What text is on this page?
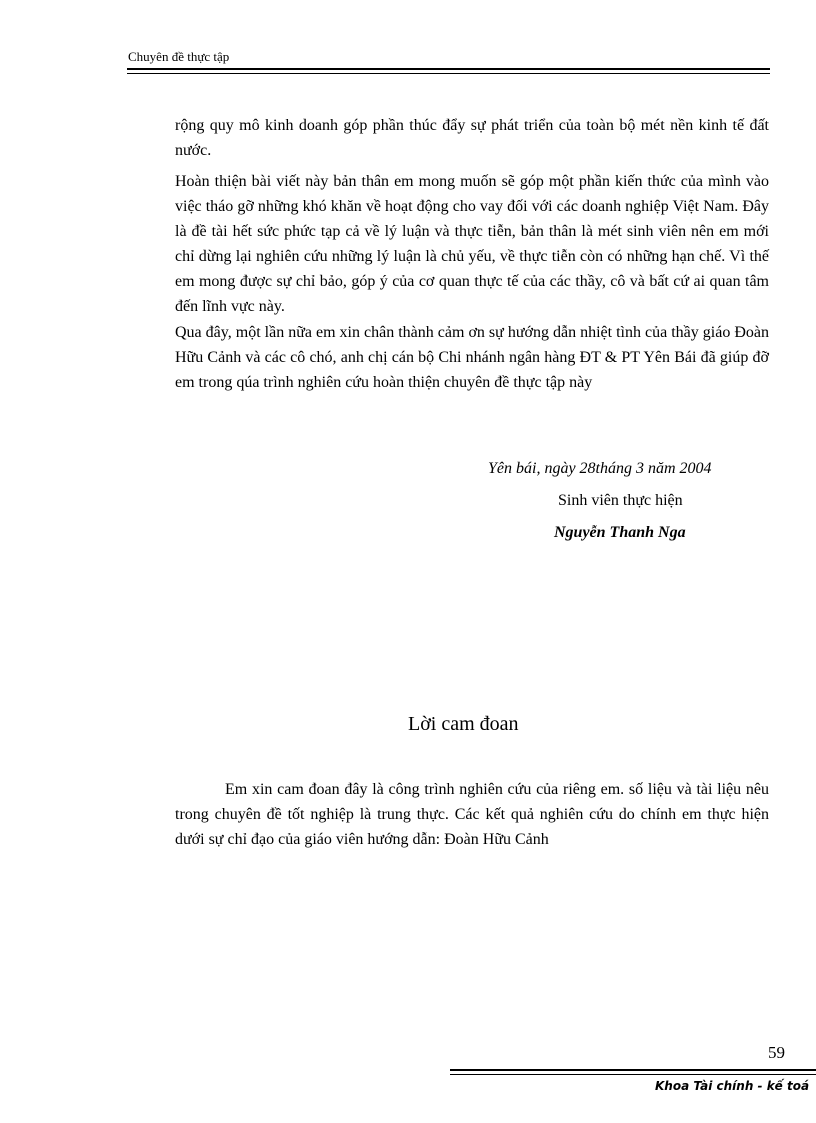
Chuyên đề thực tập

rộng quy mô kinh doanh góp phần thúc đẩy sự phát triển của toàn bộ mét nền kinh tế đất nước.

Hoàn thiện bài viết này bản thân em mong muốn sẽ góp một phần kiến thức của mình vào việc tháo gỡ những khó khăn về hoạt động cho vay đối với các doanh nghiệp Việt Nam. Đây là đề tài hết sức phức tạp cả về lý luận và thực tiễn, bản thân là mét sinh viên nên em mới chỉ dừng lại nghiên cứu những lý luận là chủ yếu, về thực tiễn còn có những hạn chế. Vì thế em mong được sự chỉ bảo, góp ý của cơ quan thực tế của các thầy, cô và bất cứ ai quan tâm đến lĩnh vực này.

Qua đây, một lần nữa em xin chân thành cảm ơn sự hướng dẫn nhiệt tình của thầy giáo Đoàn Hữu Cảnh và các cô chó, anh chị cán bộ Chi nhánh ngân hàng ĐT & PT Yên Bái đã giúp đỡ em trong qúa trình nghiên cứu hoàn thiện chuyên đề thực tập này

Yên bái, ngày 28tháng 3 năm 2004
Sinh viên thực hiện
Nguyễn Thanh Nga
Lời cam đoan

Em xin cam đoan đây là công trình nghiên cứu của riêng em. số liệu và tài liệu nêu trong chuyên đề tốt nghiệp là trung thực. Các kết quả nghiên cứu do chính em thực hiện dưới sự chỉ đạo của giáo viên hướng dẫn: Đoàn Hữu Cảnh

59
Khoa Tài chính - kế toá
